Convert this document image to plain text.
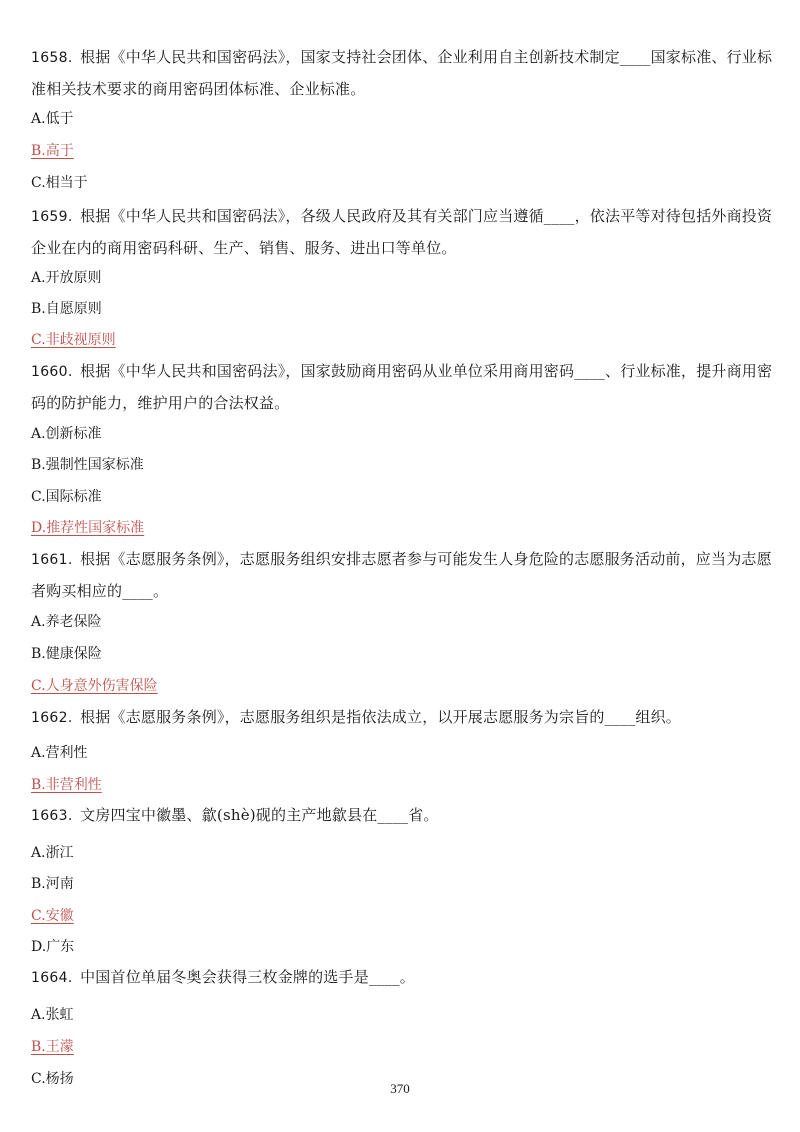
370

1658.  根据《中华人民共和国密码法》，国家支持社会团体、企业利用自主创新技术制定____国家标准、行业标准相关技术要求的商用密码团体标准、企业标准。

A.低于
B.高于
C.相当于

1659.  根据《中华人民共和国密码法》，各级人民政府及其有关部门应当遵循____，依法平等对待包括外商投资企业在内的商用密码科研、生产、销售、服务、进出口等单位。

A.开放原则
B.自愿原则
C.非歧视原则

1660.  根据《中华人民共和国密码法》，国家鼓励商用密码从业单位采用商用密码____、行业标准，提升商用密码的防护能力，维护用户的合法权益。

A.创新标准
B.强制性国家标准
C.国际标准
D.推荐性国家标准

1661.  根据《志愿服务条例》，志愿服务组织安排志愿者参与可能发生人身危险的志愿服务活动前，应当为志愿者购买相应的____。

A.养老保险
B.健康保险
C.人身意外伤害保险

1662.  根据《志愿服务条例》，志愿服务组织是指依法成立，以开展志愿服务为宗旨的____组织。

A.营利性
B.非营利性

1663.  文房四宝中徽墨、歙(shè)砚的主产地歙县在____省。

A.浙江
B.河南
C.安徽
D.广东

1664.  中国首位单届冬奥会获得三枚金牌的选手是____。

A.张虹
B.王濛
C.杨扬
